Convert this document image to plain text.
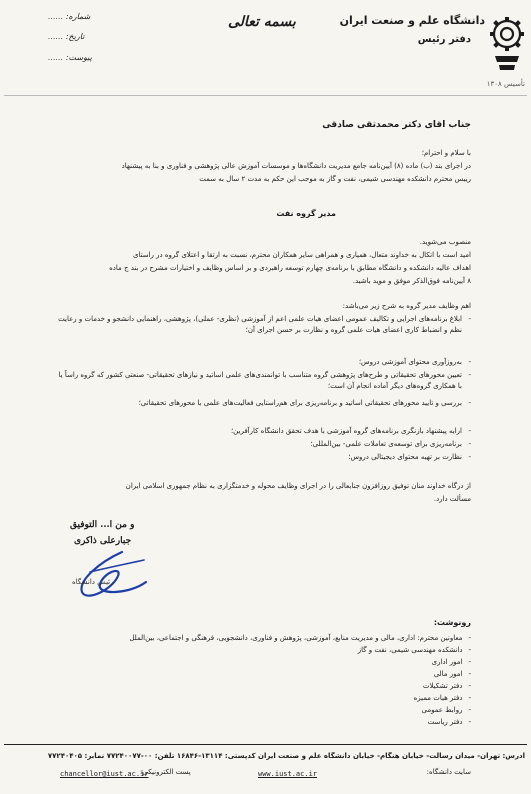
دانشگاه علم و صنعت ایران
دفتر رئیس
تأسیس ۱۳۰۸
بسمه تعالی
شماره: ......
تاریخ: ......
پیوست: ......
جناب آقای دکتر محمدتقی صادقی
با سلام و احترام؛
در اجرای بند (ب) ماده (۸) آیین‌نامه جامع مدیریت دانشگاه‌ها و موسسات آموزش عالی پژوهشی و فناوری و بنا به پیشنهاد
رییس محترم دانشکده مهندسی شیمی، نفت و گاز به موجب این حکم به مدت ۲ سال به سمت
مدیر گروه نفت
منصوب می‌شوید.
امید است با اتکال به خداوند متعال، همیاری و همراهی سایر همکاران محترم، نسبت به ارتقا و اعتلای گروه در راستای
اهداف عالیه دانشکده و دانشگاه مطابق با برنامه‌ی چهارم توسعه راهبردی و بر اساس وظایف و اختیارات مشرح در بند ج ماده
۸ آیین‌نامه فوق‌الذکر موفق و موید باشید.
اهم وظایف مدیر گروه به شرح زیر می‌باشد:
-
ابلاغ برنامه‌های اجرایی و تکالیف عمومی اعضای هیات علمی اعم از آموزشی (نظری- عملی)، پژوهشی، راهنمایی دانشجو و خدمات و رعایت نظم و انضباط کاری اعضای هیات علمی گروه و نظارت بر حسن اجرای آن؛
-
به‌روزآوری محتوای آموزشی دروس؛
-
تعیین محورهای تحقیقاتی و طرح‌های پژوهشی گروه متناسب با توانمندی‌های علمی اساتید و نیازهای تحقیقاتی- صنعتی کشور که گروه راساً یا با همکاری گروه‌های دیگر آماده انجام آن است؛
-
بررسی و تایید محورهای تحقیقاتی اساتید و برنامه‌ریزی برای هم‌راستایی فعالیت‌های علمی با محورهای تحقیقاتی؛
-
ارایه پیشنهاد بازنگری برنامه‌های گروه آموزشی با هدف تحقق دانشگاه کارآفرین؛
-
برنامه‌ریزی برای توسعه‌ی تعاملات علمی- بین‌المللی؛
-
نظارت بر تهیه محتوای دیجیتالی دروس؛
از درگاه خداوند منان توفیق روزافزون جنابعالی را در اجرای وظایف محوله و خدمتگزاری به نظام جمهوری اسلامی ایران
مسألت دارد.
و من ا... التوفیق
جبارعلی ذاکری
رئیس دانشگاه
رونوشت:
-معاونین محترم: اداری، مالی و مدیریت منابع، آموزشی، پژوهش و فناوری، دانشجویی، فرهنگی و اجتماعی، بین‌الملل
-دانشکده مهندسی شیمی، نفت و گاز
-امور اداری
-امور مالی
-دفتر تشکیلات
-دفتر هیات ممیزه
-روابط عمومی
-دفتر ریاست
آدرس: تهران- میدان رسالت- خیابان هنگام- خیابان دانشگاه علم و صنعت ایران کدپستی: ۱۳۱۱۴-۱۶۸۴۶ تلفن: ۰۰-۷۷۲۴۰۰۷۷ نمابر: ۷۷۲۴۰۴۰۵
سایت دانشگاه:
www.iust.ac.ir
پست الکترونیکی:
chancellor@iust.ac.ir
